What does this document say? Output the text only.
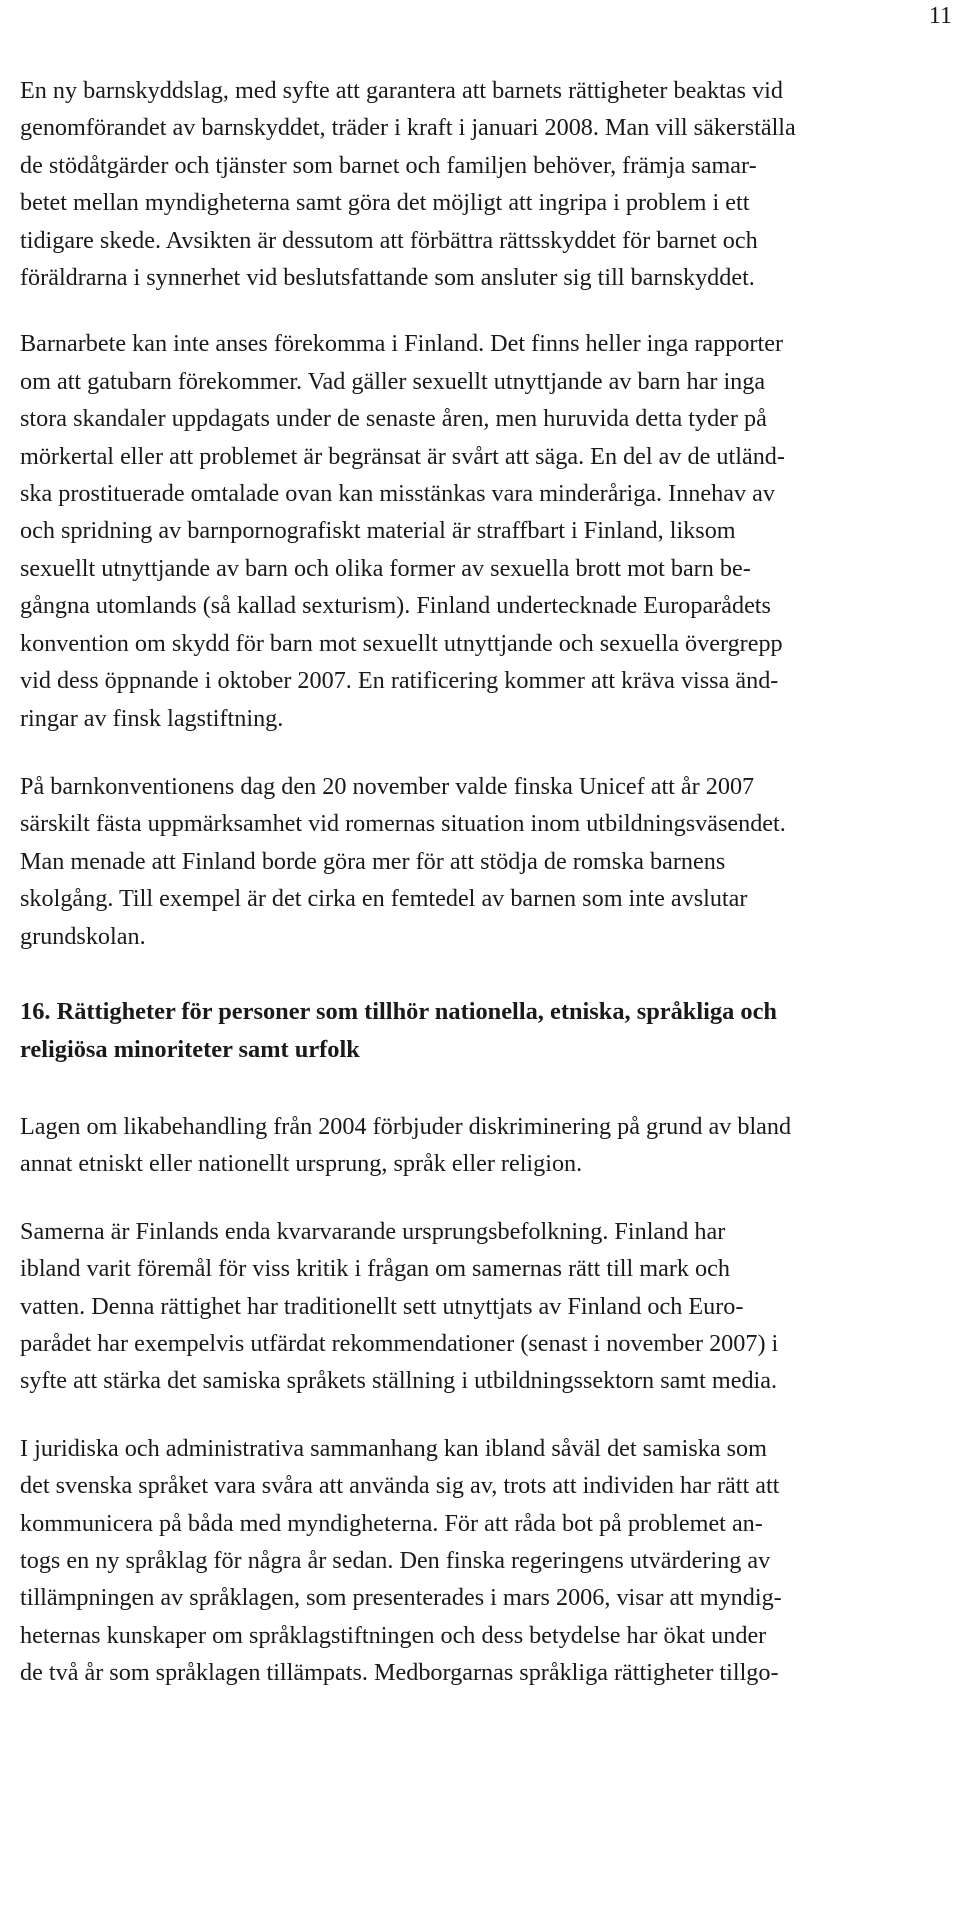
11

En ny barnskyddslag, med syfte att garantera att barnets rättigheter beaktas vid
genomförandet av barnskyddet, träder i kraft i januari 2008. Man vill säkerställa
de stödåtgärder och tjänster som barnet och familjen behöver, främja samar-
betet mellan myndigheterna samt göra det möjligt att ingripa i problem i ett
tidigare skede. Avsikten är dessutom att förbättra rättsskyddet för barnet och
föräldrarna i synnerhet vid beslutsfattande som ansluter sig till barnskyddet.

Barnarbete kan inte anses förekomma i Finland. Det finns heller inga rapporter
om att gatubarn förekommer. Vad gäller sexuellt utnyttjande av barn har inga
stora skandaler uppdagats under de senaste åren, men huruvida detta tyder på
mörkertal eller att problemet är begränsat är svårt att säga. En del av de utländ-
ska prostituerade omtalade ovan kan misstänkas vara minderåriga. Innehav av
och spridning av barnpornografiskt material är straffbart i Finland, liksom
sexuellt utnyttjande av barn och olika former av sexuella brott mot barn be-
gångna utomlands (så kallad sexturism). Finland undertecknade Europarådets
konvention om skydd för barn mot sexuellt utnyttjande och sexuella övergrepp
vid dess öppnande i oktober 2007. En ratificering kommer att kräva vissa änd-
ringar av finsk lagstiftning.

På barnkonventionens dag den 20 november valde finska Unicef att år 2007
särskilt fästa uppmärksamhet vid romernas situation inom utbildningsväsendet.
Man menade att Finland borde göra mer för att stödja de romska barnens
skolgång. Till exempel är det cirka en femtedel av barnen som inte avslutar
grundskolan.

16. Rättigheter för personer som tillhör nationella, etniska, språkliga och
religiösa minoriteter samt urfolk

Lagen om likabehandling från 2004 förbjuder diskriminering på grund av bland
annat etniskt eller nationellt ursprung, språk eller religion.

Samerna är Finlands enda kvarvarande ursprungsbefolkning. Finland har
ibland varit föremål för viss kritik i frågan om samernas rätt till mark och
vatten. Denna rättighet har traditionellt sett utnyttjats av Finland och Euro-
parådet har exempelvis utfärdat rekommendationer (senast i november 2007) i
syfte att stärka det samiska språkets ställning i utbildningssektorn samt media.

I juridiska och administrativa sammanhang kan ibland såväl det samiska som
det svenska språket vara svåra att använda sig av, trots att individen har rätt att
kommunicera på båda med myndigheterna. För att råda bot på problemet an-
togs en ny språklag för några år sedan. Den finska regeringens utvärdering av
tillämpningen av språklagen, som presenterades i mars 2006, visar att myndig-
heternas kunskaper om språklagstiftningen och dess betydelse har ökat under
de två år som språklagen tillämpats. Medborgarnas språkliga rättigheter tillgo-
